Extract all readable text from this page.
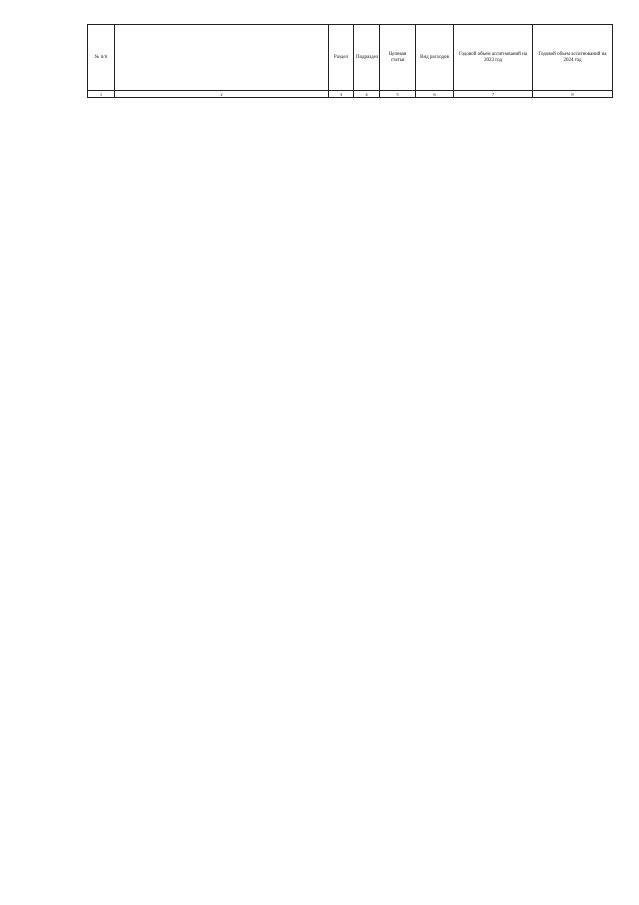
№ п/п		Раздел	Подраздел	Целевая статья	Вид расходов	Годовой объем ассигнований на 2023 год	Годовой объем ассигнований на 2024 год
1	2	3	4	5	6	7	8
